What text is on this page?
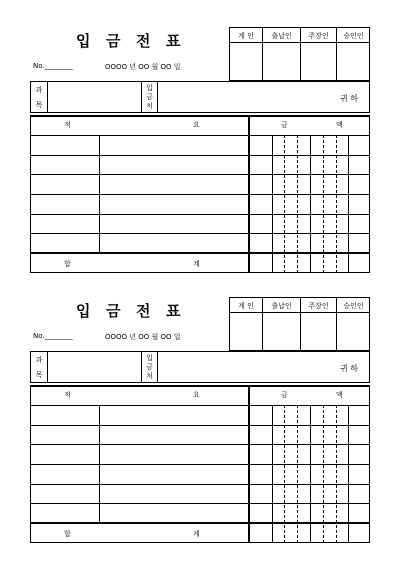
입 금 전 표
No.________	OOOO 년 OO 월 OO 일
계 인	출납인	주장인	승인인
과
목
입
금
처
귀 하
적	요	금	액
합	계
입 금 전 표
No.________	OOOO 년 OO 월 OO 일
계 인	출납인	주장인	승인인
과
목
입
금
처
귀 하
적	요	금	액
합	계
